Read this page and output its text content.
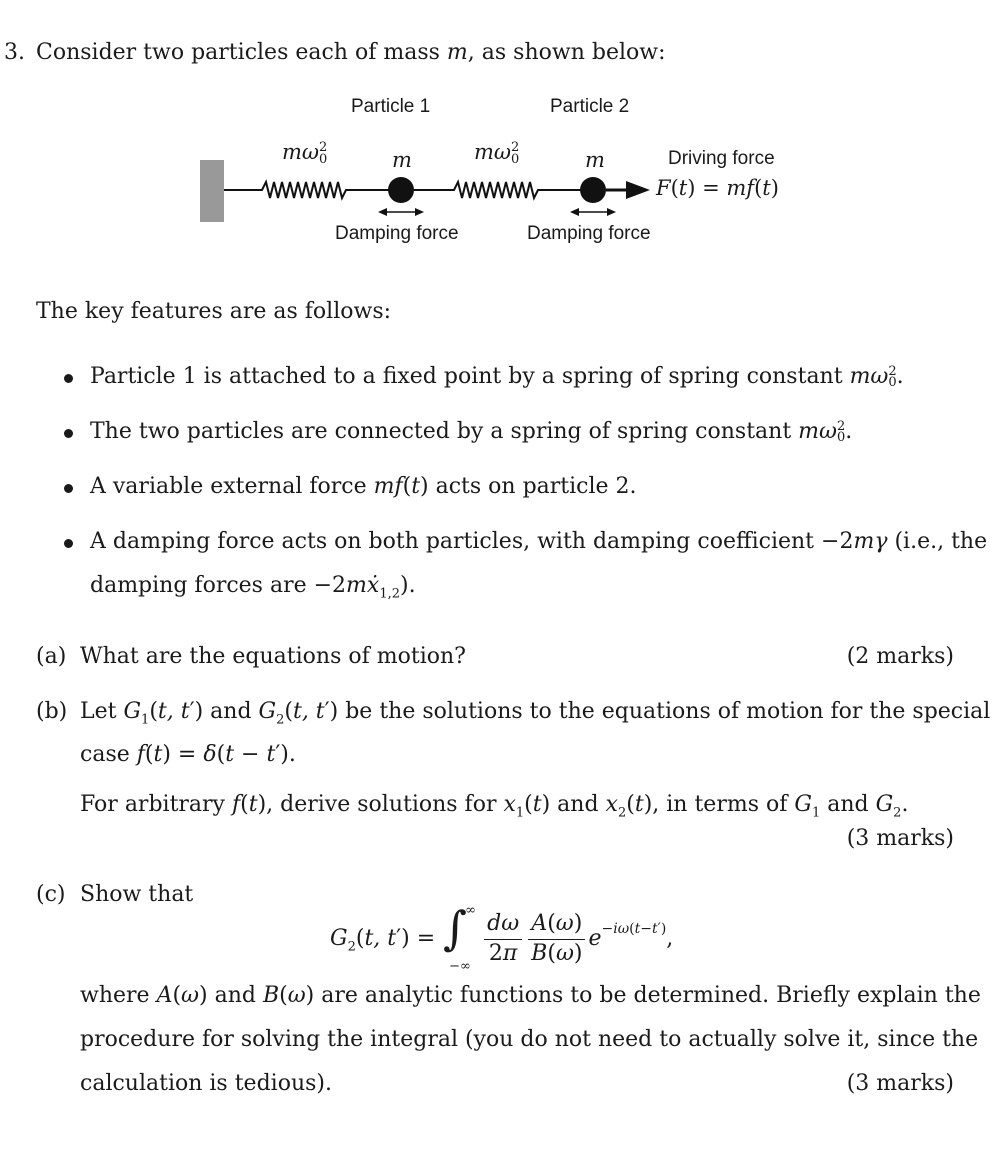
3. Consider two particles each of mass m, as shown below:
Particle 1	Particle 2
mω 2
0	mω 2
0
m	m
Damping force	Damping force
Driving force
F(t) = mf(t)
The key features are as follows:
Particle 1 is attached to a fixed point by a spring of spring constant mω 2
0 .
The two particles are connected by a spring of spring constant mω 2
0 .
A variable external force mf(t) acts on particle 2.
A damping force acts on both particles, with damping coefficient −2mγ (i.e., the
damping forces are −2mẋ$_{1,2}$).
(a) What are the equations of motion?	(2 marks)
(b) Let $G_1(t$, t′) and $G_2(t$, t′) be the solutions to the equations of motion for the special
case f(t) = δ(t − t′).
For arbitrary f(t), derive solutions for $x_1(t)$ and $x_2(t)$, in terms of $G_1$ and $G_2$.
(3 marks)
(c) Show that
$G_2(t$, t′) = ∫
∞
−∞ $\frac{d\omega}{2\pi} \frac{A(\omega)}{B(\omega)} e^{-i\omega(t-t')}$,
where A(ω) and B(ω) are analytic functions to be determined. Briefly explain the
procedure for solving the integral (you do not need to actually solve it, since the
calculation is tedious).	(3 marks)
